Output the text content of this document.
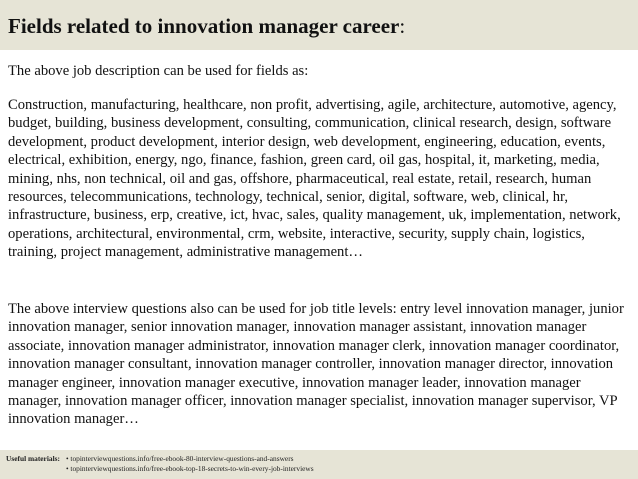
Fields related to innovation manager career:

The above job description can be used for fields as:

Construction, manufacturing, healthcare, non profit, advertising, agile, architecture, automotive, agency, budget, building, business development, consulting, communication, clinical research, design, software development, product development, interior design, web development, engineering, education, events, electrical, exhibition, energy, ngo, finance, fashion, green card, oil gas, hospital, it, marketing, media, mining, nhs, non technical, oil and gas, offshore, pharmaceutical, real estate, retail, research, human resources, telecommunications, technology, technical, senior, digital, software, web, clinical, hr, infrastructure, business, erp, creative, ict, hvac, sales, quality management, uk, implementation, network, operations, architectural, environmental, crm, website, interactive, security, supply chain, logistics, training, project management, administrative management…

The above interview questions also can be used for job title levels: entry level innovation manager, junior innovation manager, senior innovation manager, innovation manager assistant, innovation manager associate, innovation manager administrator, innovation manager clerk, innovation manager coordinator, innovation manager consultant, innovation manager controller, innovation manager director, innovation manager engineer, innovation manager executive, innovation manager leader, innovation manager manager, innovation manager officer, innovation manager specialist, innovation manager supervisor, VP innovation manager…

Useful materials: • topinterviewquestions.info/free-ebook-80-interview-questions-and-answers
• topinterviewquestions.info/free-ebook-top-18-secrets-to-win-every-job-interviews
